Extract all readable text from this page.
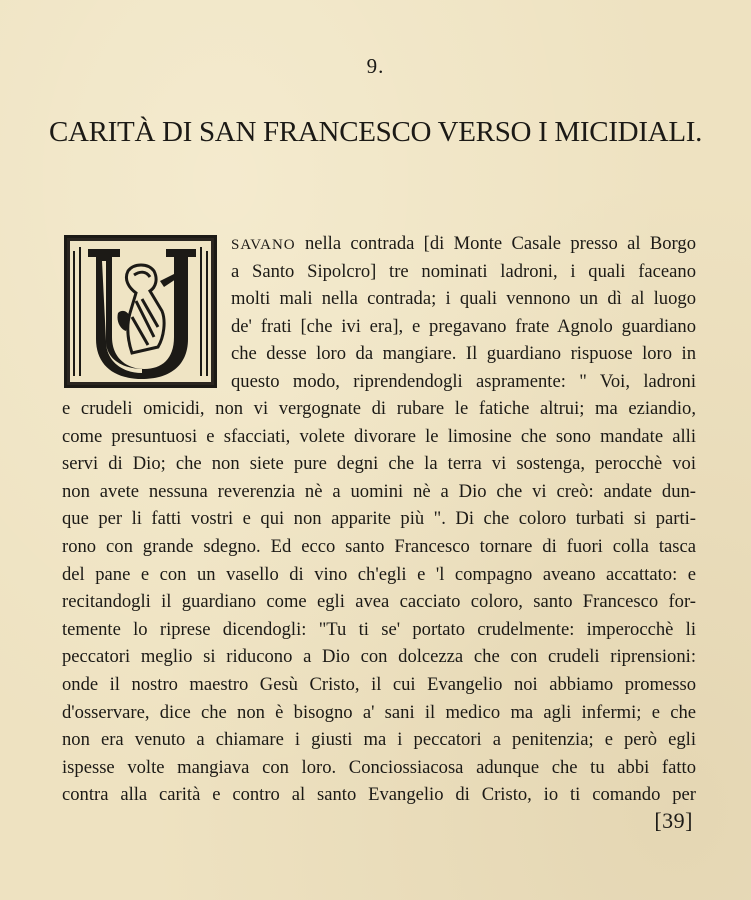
9.
CARITÀ DI SAN FRANCESCO VERSO I MICIDIALI.
SAVANO nella contrada [di Monte Casale presso al Borgo
a Santo Sipolcro] tre nominati ladroni, i quali faceano
molti mali nella contrada; i quali vennono un dì al luogo
de' frati [che ivi era], e pregavano frate Agnolo guardiano
che desse loro da mangiare. Il guardiano rispuose loro in
questo modo, riprendendogli aspramente: " Voi, ladroni
e crudeli omicidi, non vi vergognate di rubare le fatiche altrui; ma eziandio,
come presuntuosi e sfacciati, volete divorare le limosine che sono mandate alli
servi di Dio; che non siete pure degni che la terra vi sostenga, perocchè voi
non avete nessuna reverenzia nè a uomini nè a Dio che vi creò: andate dun-
que per li fatti vostri e qui non apparite più ". Di che coloro turbati si parti-
rono con grande sdegno. Ed ecco santo Francesco tornare di fuori colla tasca
del pane e con un vasello di vino ch'egli e 'l compagno aveano accattato: e
recitandogli il guardiano come egli avea cacciato coloro, santo Francesco for-
temente lo riprese dicendogli: "Tu ti se' portato crudelmente: imperocchè li
peccatori meglio si riducono a Dio con dolcezza che con crudeli riprensioni:
onde il nostro maestro Gesù Cristo, il cui Evangelio noi abbiamo promesso
d'osservare, dice che non è bisogno a' sani il medico ma agli infermi; e che
non era venuto a chiamare i giusti ma i peccatori a penitenzia; e però egli
ispesse volte mangiava con loro. Conciossiacosa adunque che tu abbi fatto
contra alla carità e contro al santo Evangelio di Cristo, io ti comando per
[39]
